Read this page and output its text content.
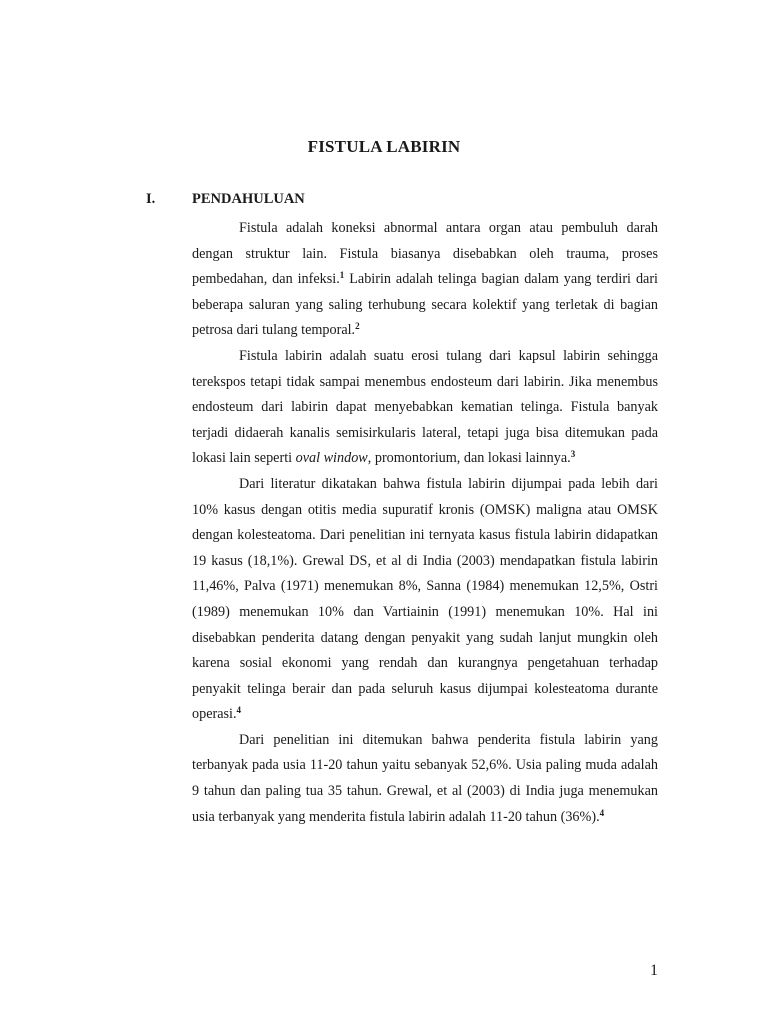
FISTULA LABIRIN
I.	PENDAHULUAN

Fistula adalah koneksi abnormal antara organ atau pembuluh darah dengan struktur lain. Fistula biasanya disebabkan oleh trauma, proses pembedahan, dan infeksi.$^1$ Labirin adalah telinga bagian dalam yang terdiri dari beberapa saluran yang saling terhubung secara kolektif yang terletak di bagian petrosa dari tulang temporal.$^2$

Fistula labirin adalah suatu erosi tulang dari kapsul labirin sehingga terekspos tetapi tidak sampai menembus endosteum dari labirin. Jika menembus endosteum dari labirin dapat menyebabkan kematian telinga. Fistula banyak terjadi didaerah kanalis semisirkularis lateral, tetapi juga bisa ditemukan pada lokasi lain seperti oval window, promontorium, dan lokasi lainnya.$^3$

Dari literatur dikatakan bahwa fistula labirin dijumpai pada lebih dari 10% kasus dengan otitis media supuratif kronis (OMSK) maligna atau OMSK dengan kolesteatoma. Dari penelitian ini ternyata kasus fistula labirin didapatkan 19 kasus (18,1%). Grewal DS, et al di India (2003) mendapatkan fistula labirin 11,46%, Palva (1971) menemukan 8%, Sanna (1984) menemukan 12,5%, Ostri (1989) menemukan 10% dan Vartiainin (1991) menemukan 10%. Hal ini disebabkan penderita datang dengan penyakit yang sudah lanjut mungkin oleh karena sosial ekonomi yang rendah dan kurangnya pengetahuan terhadap penyakit telinga berair dan pada seluruh kasus dijumpai kolesteatoma durante operasi.$^4$

Dari penelitian ini ditemukan bahwa penderita fistula labirin yang terbanyak pada usia 11-20 tahun yaitu sebanyak 52,6%. Usia paling muda adalah 9 tahun dan paling tua 35 tahun. Grewal, et al (2003) di India juga menemukan usia terbanyak yang menderita fistula labirin adalah 11-20 tahun (36%).$^4$

1
